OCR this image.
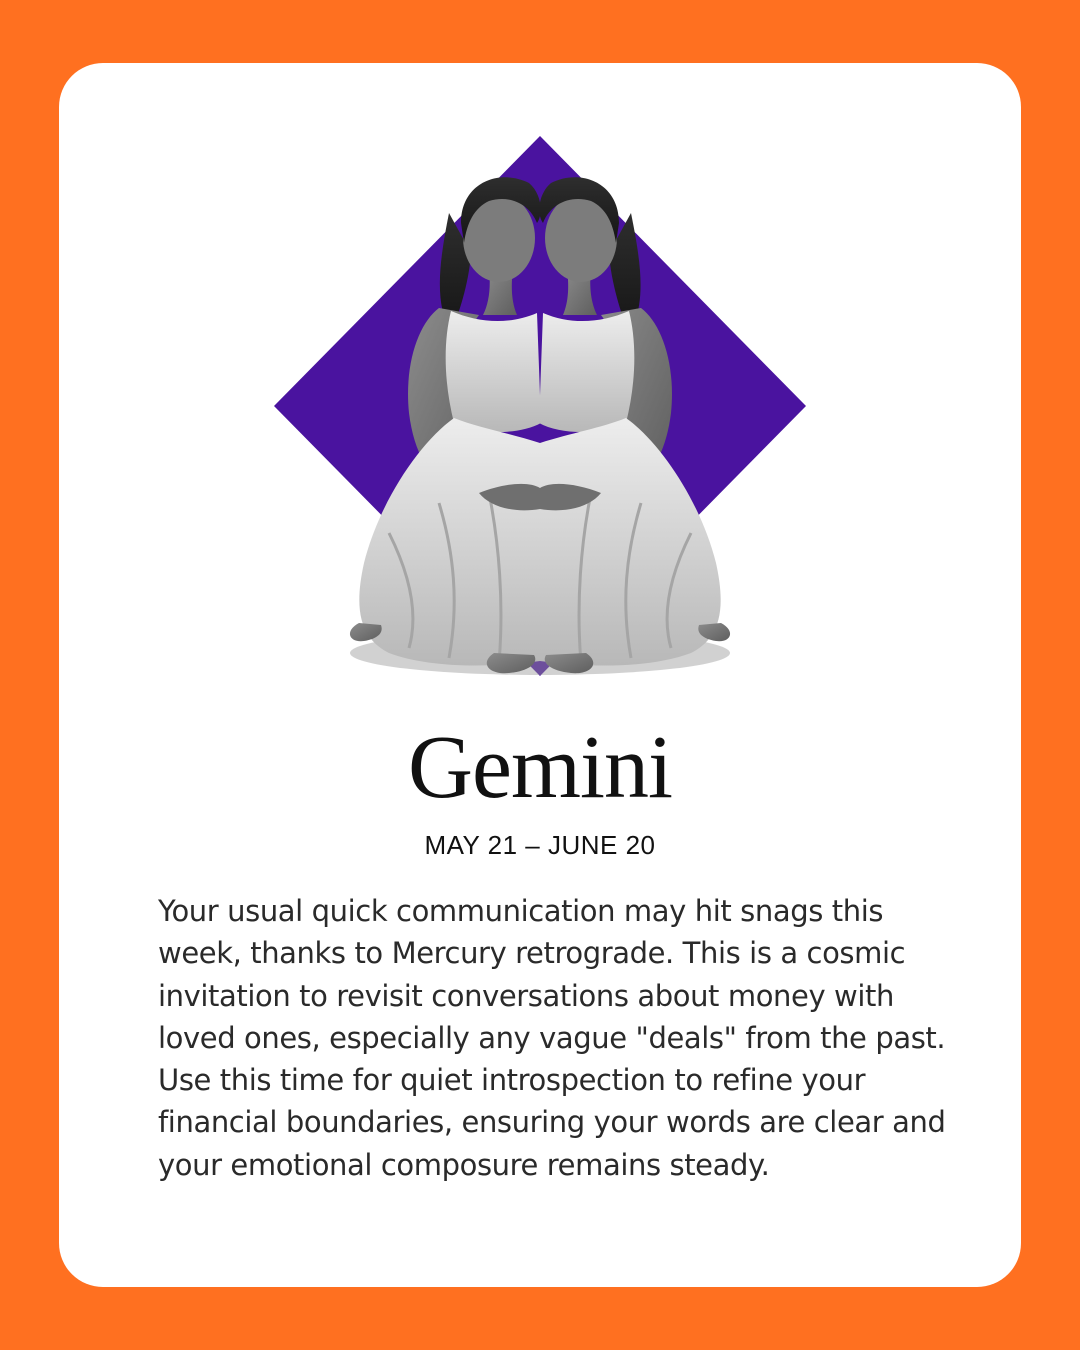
Gemini
MAY 21 – JUNE 20

Your usual quick communication may hit snags this week, thanks to Mercury retrograde. This is a cosmic invitation to revisit conversations about money with loved ones, especially any vague "deals" from the past. Use this time for quiet introspection to refine your financial boundaries, ensuring your words are clear and your emotional composure remains steady.
